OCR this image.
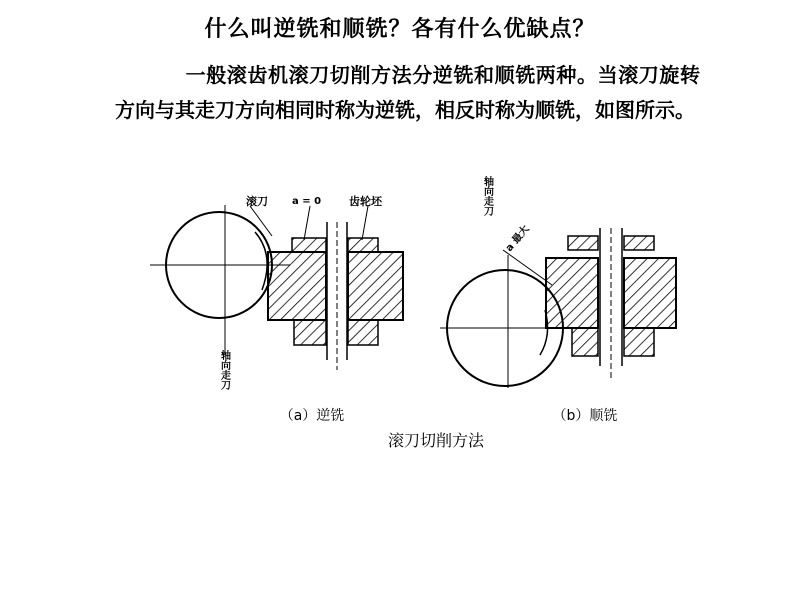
什么叫逆铣和顺铣？各有什么优缺点？
一般滚齿机滚刀切削方法分逆铣和顺铣两种。当滚刀旋转方向与其走刀方向相同时称为逆铣，相反时称为顺铣，如图所示。
滚刀 a = 0	齿轮坯
轴向走刀
轴向走刀
a 最大
（a）逆铣	（b）顺铣
滚刀切削方法
